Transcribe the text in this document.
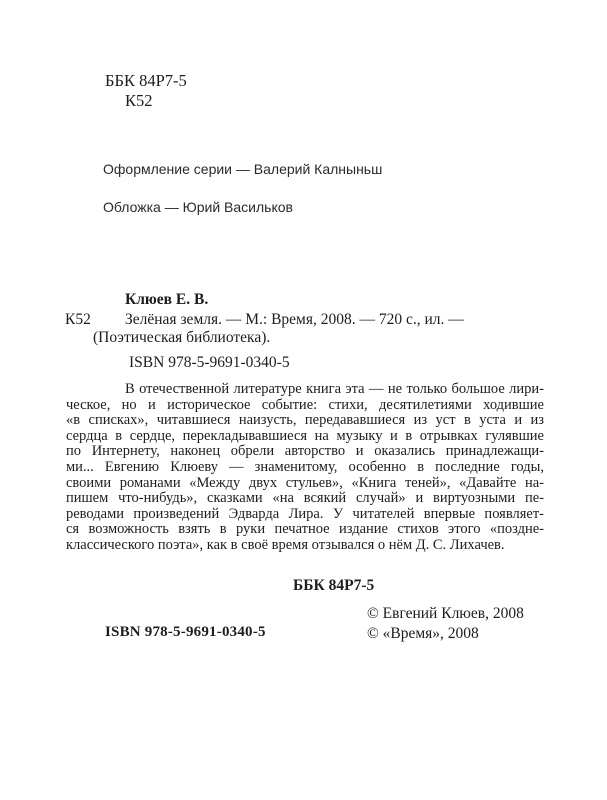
ББК 84Р7-5
К52
Оформление серии — Валерий Калныньш
Обложка — Юрий Васильков
Клюев Е. В.
К52 Зелёная земля. — М.: Время, 2008. — 720 с., ил. —
(Поэтическая библиотека).
ISBN 978-5-9691-0340-5
В отечественной литературе книга эта — не только большое лири-
ческое, но и историческое событие: стихи, десятилетиями ходившие
«в списках», читавшиеся наизусть, передававшиеся из уст в уста и из
сердца в сердце, перекладывавшиеся на музыку и в отрывках гулявшие
по Интернету, наконец обрели авторство и оказались принадлежащи-
ми... Евгению Клюеву — знаменитому, особенно в последние годы,
своими романами «Между двух стульев», «Книга теней», «Давайте на-
пишем что-нибудь», сказками «на всякий случай» и виртуозными пе-
реводами произведений Эдварда Лира. У читателей впервые появляет-
ся возможность взять в руки печатное издание стихов этого «поздне-
классического поэта», как в своё время отзывался о нём Д. С. Лихачев.
ББК 84Р7-5
© Евгений Клюев, 2008
© «Время», 2008
ISBN 978-5-9691-0340-5
